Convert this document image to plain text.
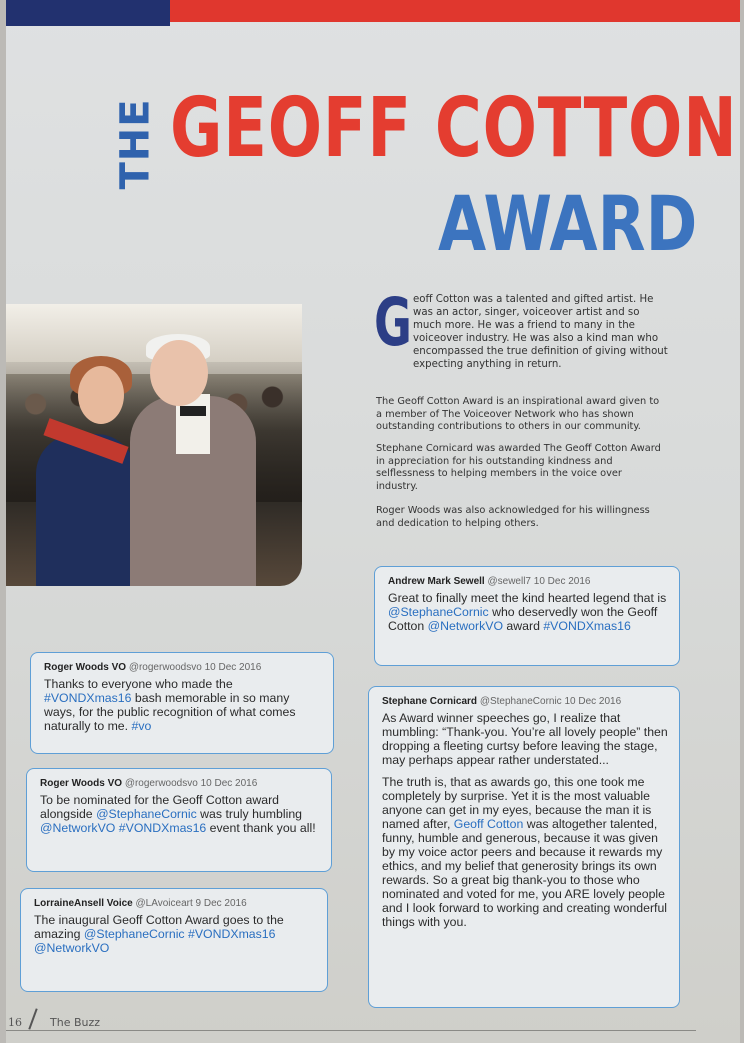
THE GEOFF COTTON
AWARD
G eoff Cotton was a talented and gifted artist. He was an actor, singer, voiceover artist and so much more. He was a friend to many in the voiceover industry. He was also a kind man who encompassed the true definition of giving without expecting anything in return.

The Geoff Cotton Award is an inspirational award given to a member of The Voiceover Network who has shown outstanding contributions to others in our community.

Stephane Cornicard was awarded The Geoff Cotton Award in appreciation for his outstanding kindness and selflessness to helping members in the voice over industry.

Roger Woods was also acknowledged for his willingness and dedication to helping others.

Andrew Mark Sewell @sewell7 10 Dec 2016

Great to finally meet the kind hearted legend that is @StephaneCornic who deservedly won the Geoff Cotton @NetworkVO award #VONDXmas16

Roger Woods VO @rogerwoodsvo 10 Dec 2016

Thanks to everyone who made the #VONDXmas16 bash memorable in so many ways, for the public recognition of what comes naturally to me. #vo

Stephane Cornicard @StephaneCornic 10 Dec 2016

As Award winner speeches go, I realize that mumbling: “Thank-you. You’re all lovely people” then dropping a fleeting curtsy before leaving the stage, may perhaps appear rather understated...

The truth is, that as awards go, this one took me completely by surprise. Yet it is the most valuable anyone can get in my eyes, because the man it is named after, Geoff Cotton was altogether talented, funny, humble and generous, because it was given by my voice actor peers and because it rewards my ethics, and my belief that generosity brings its own rewards. So a great big thank-you to those who nominated and voted for me, you ARE lovely people and I look forward to working and creating wonderful things with you.

Roger Woods VO @rogerwoodsvo 10 Dec 2016

To be nominated for the Geoff Cotton award alongside @StephaneCornic was truly humbling @NetworkVO #VONDXmas16 event thank you all!

LorraineAnsell Voice @LAvoiceart 9 Dec 2016

The inaugural Geoff Cotton Award goes to the amazing @StephaneCornic #VONDXmas16 @NetworkVO

16	The Buzz
